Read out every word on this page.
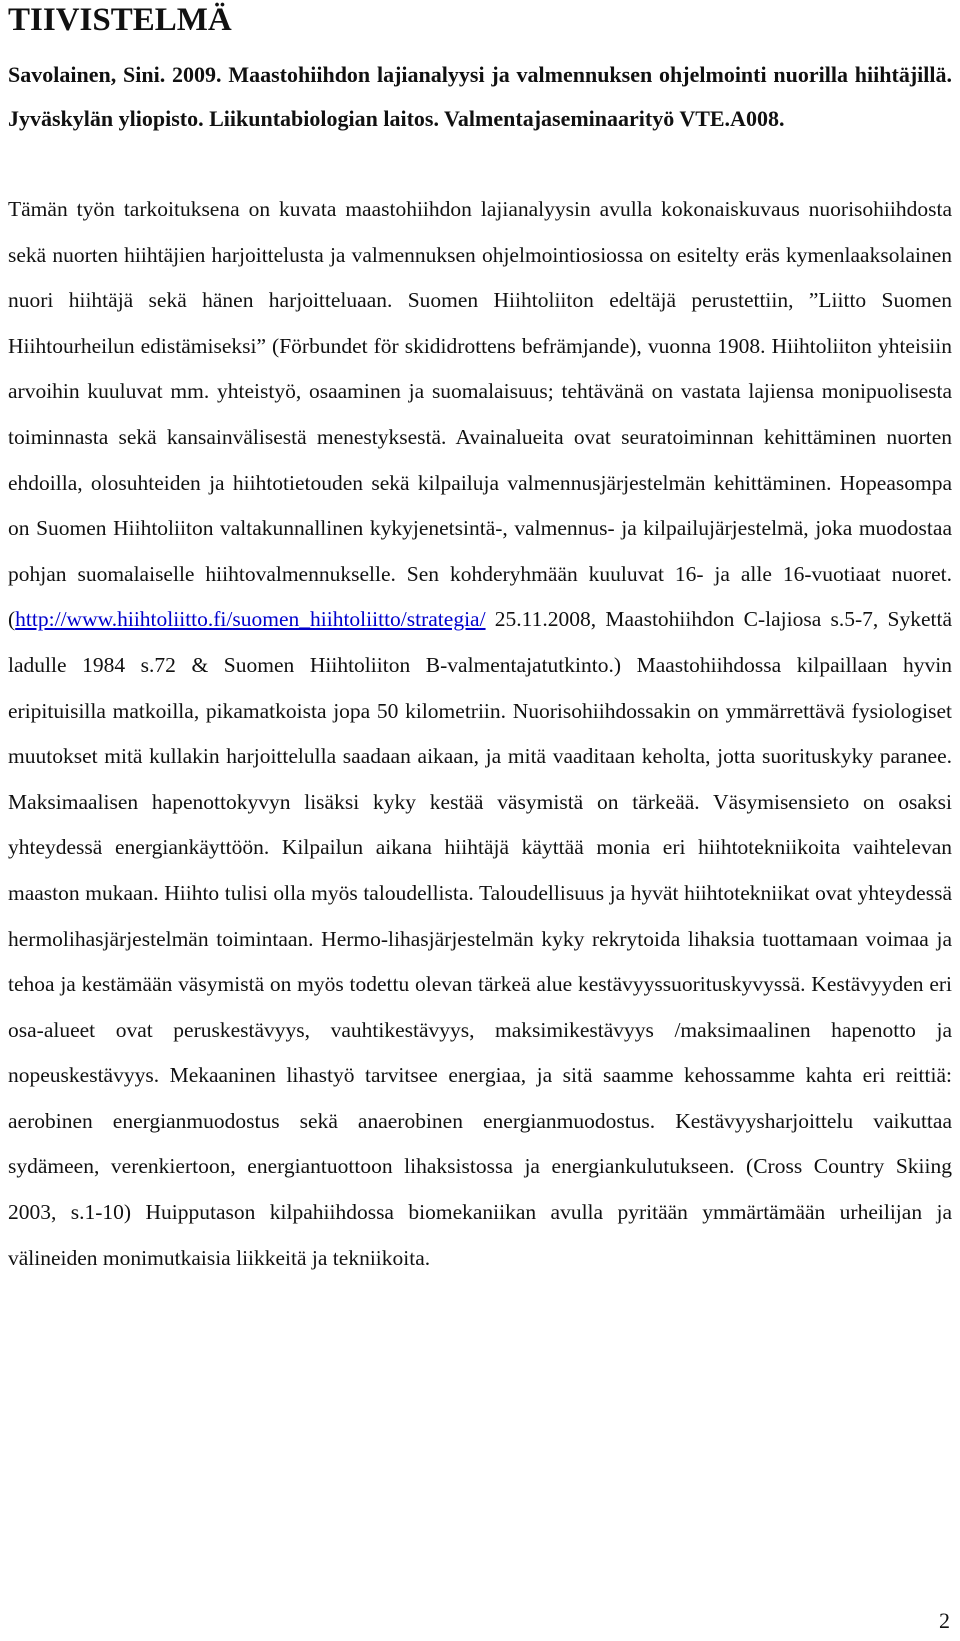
TIIVISTELMÄ

Savolainen, Sini. 2009. Maastohiihdon lajianalyysi ja valmennuksen ohjelmointi nuorilla hiihtäjillä. Jyväskylän yliopisto. Liikuntabiologian laitos. Valmentajaseminaarityö VTE.A008.

Tämän työn tarkoituksena on kuvata maastohiihdon lajianalyysin avulla kokonaiskuvaus nuorisohiihdosta sekä nuorten hiihtäjien harjoittelusta ja valmennuksen ohjelmointiosiossa on esitelty eräs kymenlaaksolainen nuori hiihtäjä sekä hänen harjoitteluaan. Suomen Hiihtoliiton edeltäjä perustettiin, ”Liitto Suomen Hiihtourheilun edistämiseksi” (Förbundet för skididrottens befrämjande), vuonna 1908. Hiihtoliiton yhteisiin arvoihin kuuluvat mm. yhteistyö, osaaminen ja suomalaisuus; tehtävänä on vastata lajiensa monipuolisesta toiminnasta sekä kansainvälisestä menestyksestä. Avainalueita ovat seuratoiminnan kehittäminen nuorten ehdoilla, olosuhteiden ja hiihtotietouden sekä kilpailuja valmennusjärjestelmän kehittäminen. Hopeasompa on Suomen Hiihtoliiton valtakunnallinen kykyjenetsintä-, valmennus- ja kilpailujärjestelmä, joka muodostaa pohjan suomalaiselle hiihtovalmennukselle. Sen kohderyhmään kuuluvat 16- ja alle 16-vuotiaat nuoret. (http://www.hiihtoliitto.fi/suomen_hiihtoliitto/strategia/ 25.11.2008, Maastohiihdon C-lajiosa s.5-7, Sykettä ladulle 1984 s.72 & Suomen Hiihtoliiton B-valmentajatutkinto.) Maastohiihdossa kilpaillaan hyvin eripituisilla matkoilla, pikamatkoista jopa 50 kilometriin. Nuorisohiihdossakin on ymmärrettävä fysiologiset muutokset mitä kullakin harjoittelulla saadaan aikaan, ja mitä vaaditaan keholta, jotta suorituskyky paranee. Maksimaalisen hapenottokyvyn lisäksi kyky kestää väsymistä on tärkeää. Väsymisensieto on osaksi yhteydessä energiankäyttöön. Kilpailun aikana hiihtäjä käyttää monia eri hiihtotekniikoita vaihtelevan maaston mukaan. Hiihto tulisi olla myös taloudellista. Taloudellisuus ja hyvät hiihtotekniikat ovat yhteydessä hermolihasjärjestelmän toimintaan. Hermo-lihasjärjestelmän kyky rekrytoida lihaksia tuottamaan voimaa ja tehoa ja kestämään väsymistä on myös todettu olevan tärkeä alue kestävyyssuorituskyvyssä. Kestävyyden eri osa-alueet ovat peruskestävyys, vauhtikestävyys, maksimikestävyys /maksimaalinen hapenotto ja nopeuskestävyys. Mekaaninen lihastyö tarvitsee energiaa, ja sitä saamme kehossamme kahta eri reittiä: aerobinen energianmuodostus sekä anaerobinen energianmuodostus. Kestävyysharjoittelu vaikuttaa sydämeen, verenkiertoon, energiantuottoon lihaksistossa ja energiankulutukseen. (Cross Country Skiing 2003, s.1-10) Huipputason kilpahiihdossa biomekaniikan avulla pyritään ymmärtämään urheilijan ja välineiden monimutkaisia liikkeitä ja tekniikoita.

2
